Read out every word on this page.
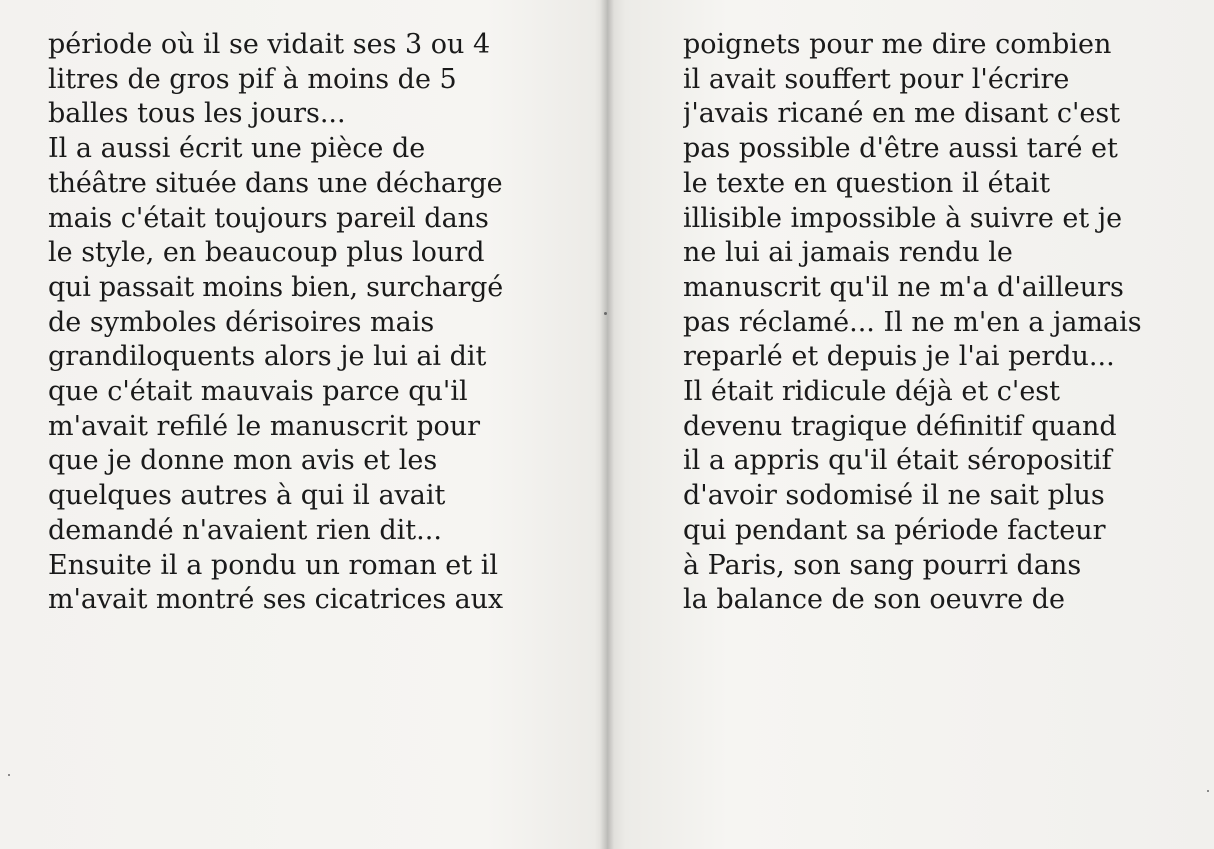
période où il se vidait ses 3 ou 4
litres de gros pif à moins de 5
balles tous les jours...
Il a aussi écrit une pièce de
théâtre située dans une décharge
mais c'était toujours pareil dans
le style, en beaucoup plus lourd
qui passait moins bien, surchargé
de symboles dérisoires mais
grandiloquents alors je lui ai dit
que c'était mauvais parce qu'il
m'avait refilé le manuscrit pour
que je donne mon avis et les
quelques autres à qui il avait
demandé n'avaient rien dit...
Ensuite il a pondu un roman et il
m'avait montré ses cicatrices aux
poignets pour me dire combien
il avait souffert pour l'écrire
j'avais ricané en me disant c'est
pas possible d'être aussi taré et
le texte en question il était
illisible impossible à suivre et je
ne lui ai jamais rendu le
manuscrit qu'il ne m'a d'ailleurs
pas réclamé... Il ne m'en a jamais
reparlé et depuis je l'ai perdu...
Il était ridicule déjà et c'est
devenu tragique définitif quand
il a appris qu'il était séropositif
d'avoir sodomisé il ne sait plus
qui pendant sa période facteur
à Paris, son sang pourri dans
la balance de son oeuvre de
